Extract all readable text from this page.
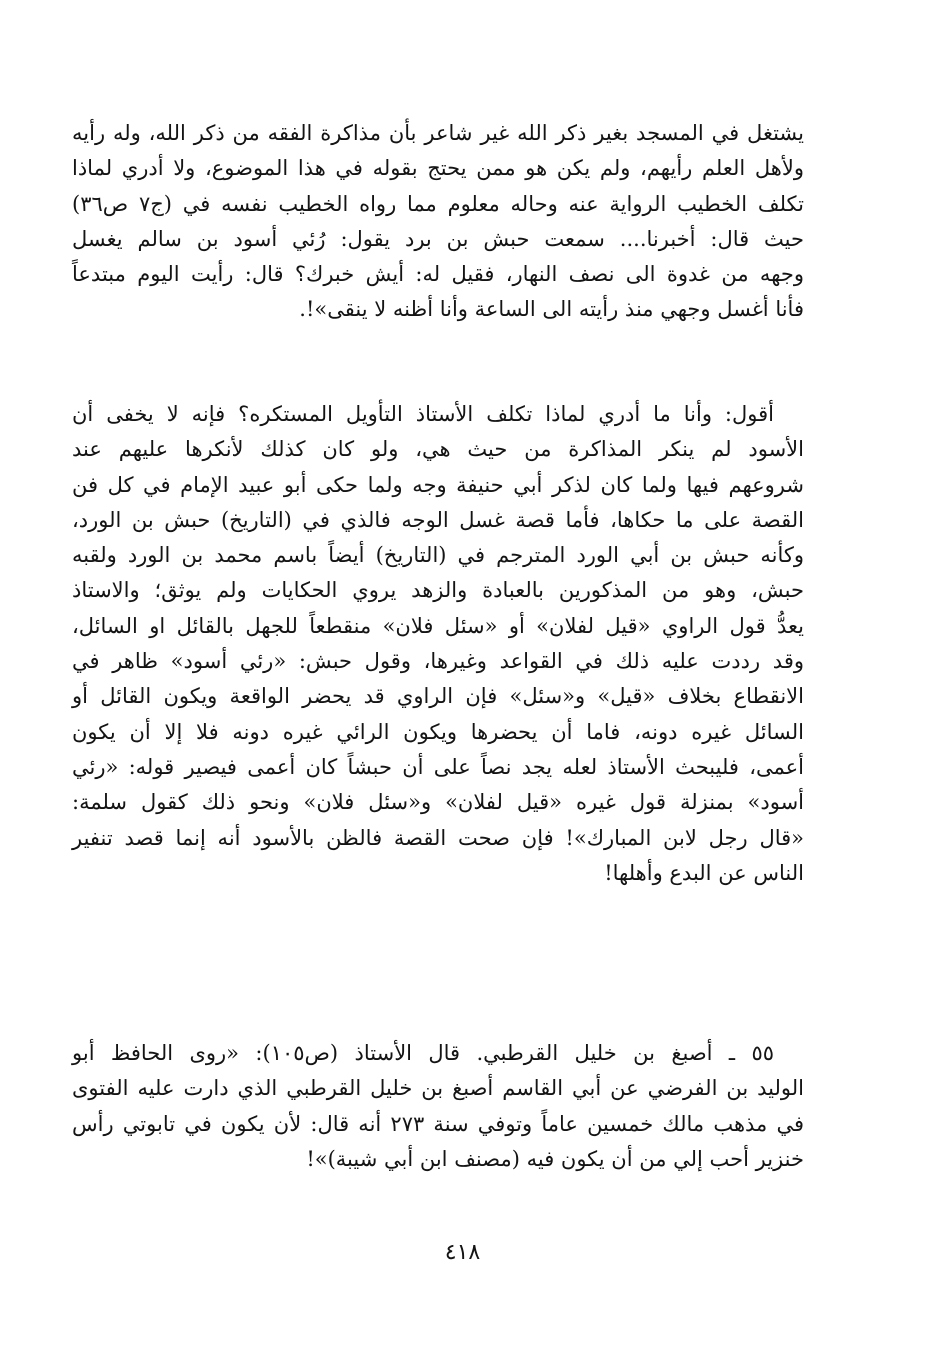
يشتغل في المسجد بغير ذكر الله غير شاعر بأن مذاكرة الفقه من ذكر الله، وله رأيه
ولأهل العلم رأيهم، ولم يكن هو ممن يحتج بقوله في هذا الموضوع، ولا أدري لماذا
تكلف الخطيب الرواية عنه وحاله معلوم مما رواه الخطيب نفسه في (ج٧ ص٣٦)
حيث قال: أخبرنا.... سمعت حبش بن برد يقول: رُئي أسود بن سالم يغسل
وجهه من غدوة الى نصف النهار، فقيل له: أيش خبرك؟ قال: رأيت اليوم مبتدعاً
فأنا أغسل وجهي منذ رأيته الى الساعة وأنا أظنه لا ينقى»!.
أقول: وأنا ما أدري لماذا تكلف الأستاذ التأويل المستكره؟ فإنه لا يخفى أن
الأسود لم ينكر المذاكرة من حيث هي، ولو كان كذلك لأنكرها عليهم عند
شروعهم فيها ولما كان لذكر أبي حنيفة وجه ولما حكى أبو عبيد الإمام في كل فن
القصة على ما حكاها، فأما قصة غسل الوجه فالذي في (التاريخ) حبش بن الورد،
وكأنه حبش بن أبي الورد المترجم في (التاريخ) أيضاً باسم محمد بن الورد ولقبه
حبش، وهو من المذكورين بالعبادة والزهد يروي الحكايات ولم يوثق؛ والاستاذ
يعدُّ قول الراوي «قيل لفلان» أو «سئل فلان» منقطعاً للجهل بالقائل او السائل،
وقد رددت عليه ذلك في القواعد وغيرها، وقول حبش: «رئي أسود» ظاهر في
الانقطاع بخلاف «قيل» و«سئل» فإن الراوي قد يحضر الواقعة ويكون القائل أو
السائل غيره دونه، فاما أن يحضرها ويكون الرائي غيره دونه فلا إلا أن يكون
أعمى، فليبحث الأستاذ لعله يجد نصاً على أن حبشاً كان أعمى فيصير قوله: «رئي
أسود» بمنزلة قول غيره «قيل لفلان» و«سئل فلان» ونحو ذلك كقول سلمة:
«قال رجل لابن المبارك»! فإن صحت القصة فالظن بالأسود أنه إنما قصد تنفير
الناس عن البدع وأهلها!
٥٥ ـ أصبغ بن خليل القرطبي. قال الأستاذ (ص١٠٥): «روى الحافظ أبو
الوليد بن الفرضي عن أبي القاسم أصبغ بن خليل القرطبي الذي دارت عليه الفتوى
في مذهب مالك خمسين عاماً وتوفي سنة ٢٧٣ أنه قال: لأن يكون في تابوتي رأس
خنزير أحب إلي من أن يكون فيه (مصنف ابن أبي شيبة)»!
٤١٨
